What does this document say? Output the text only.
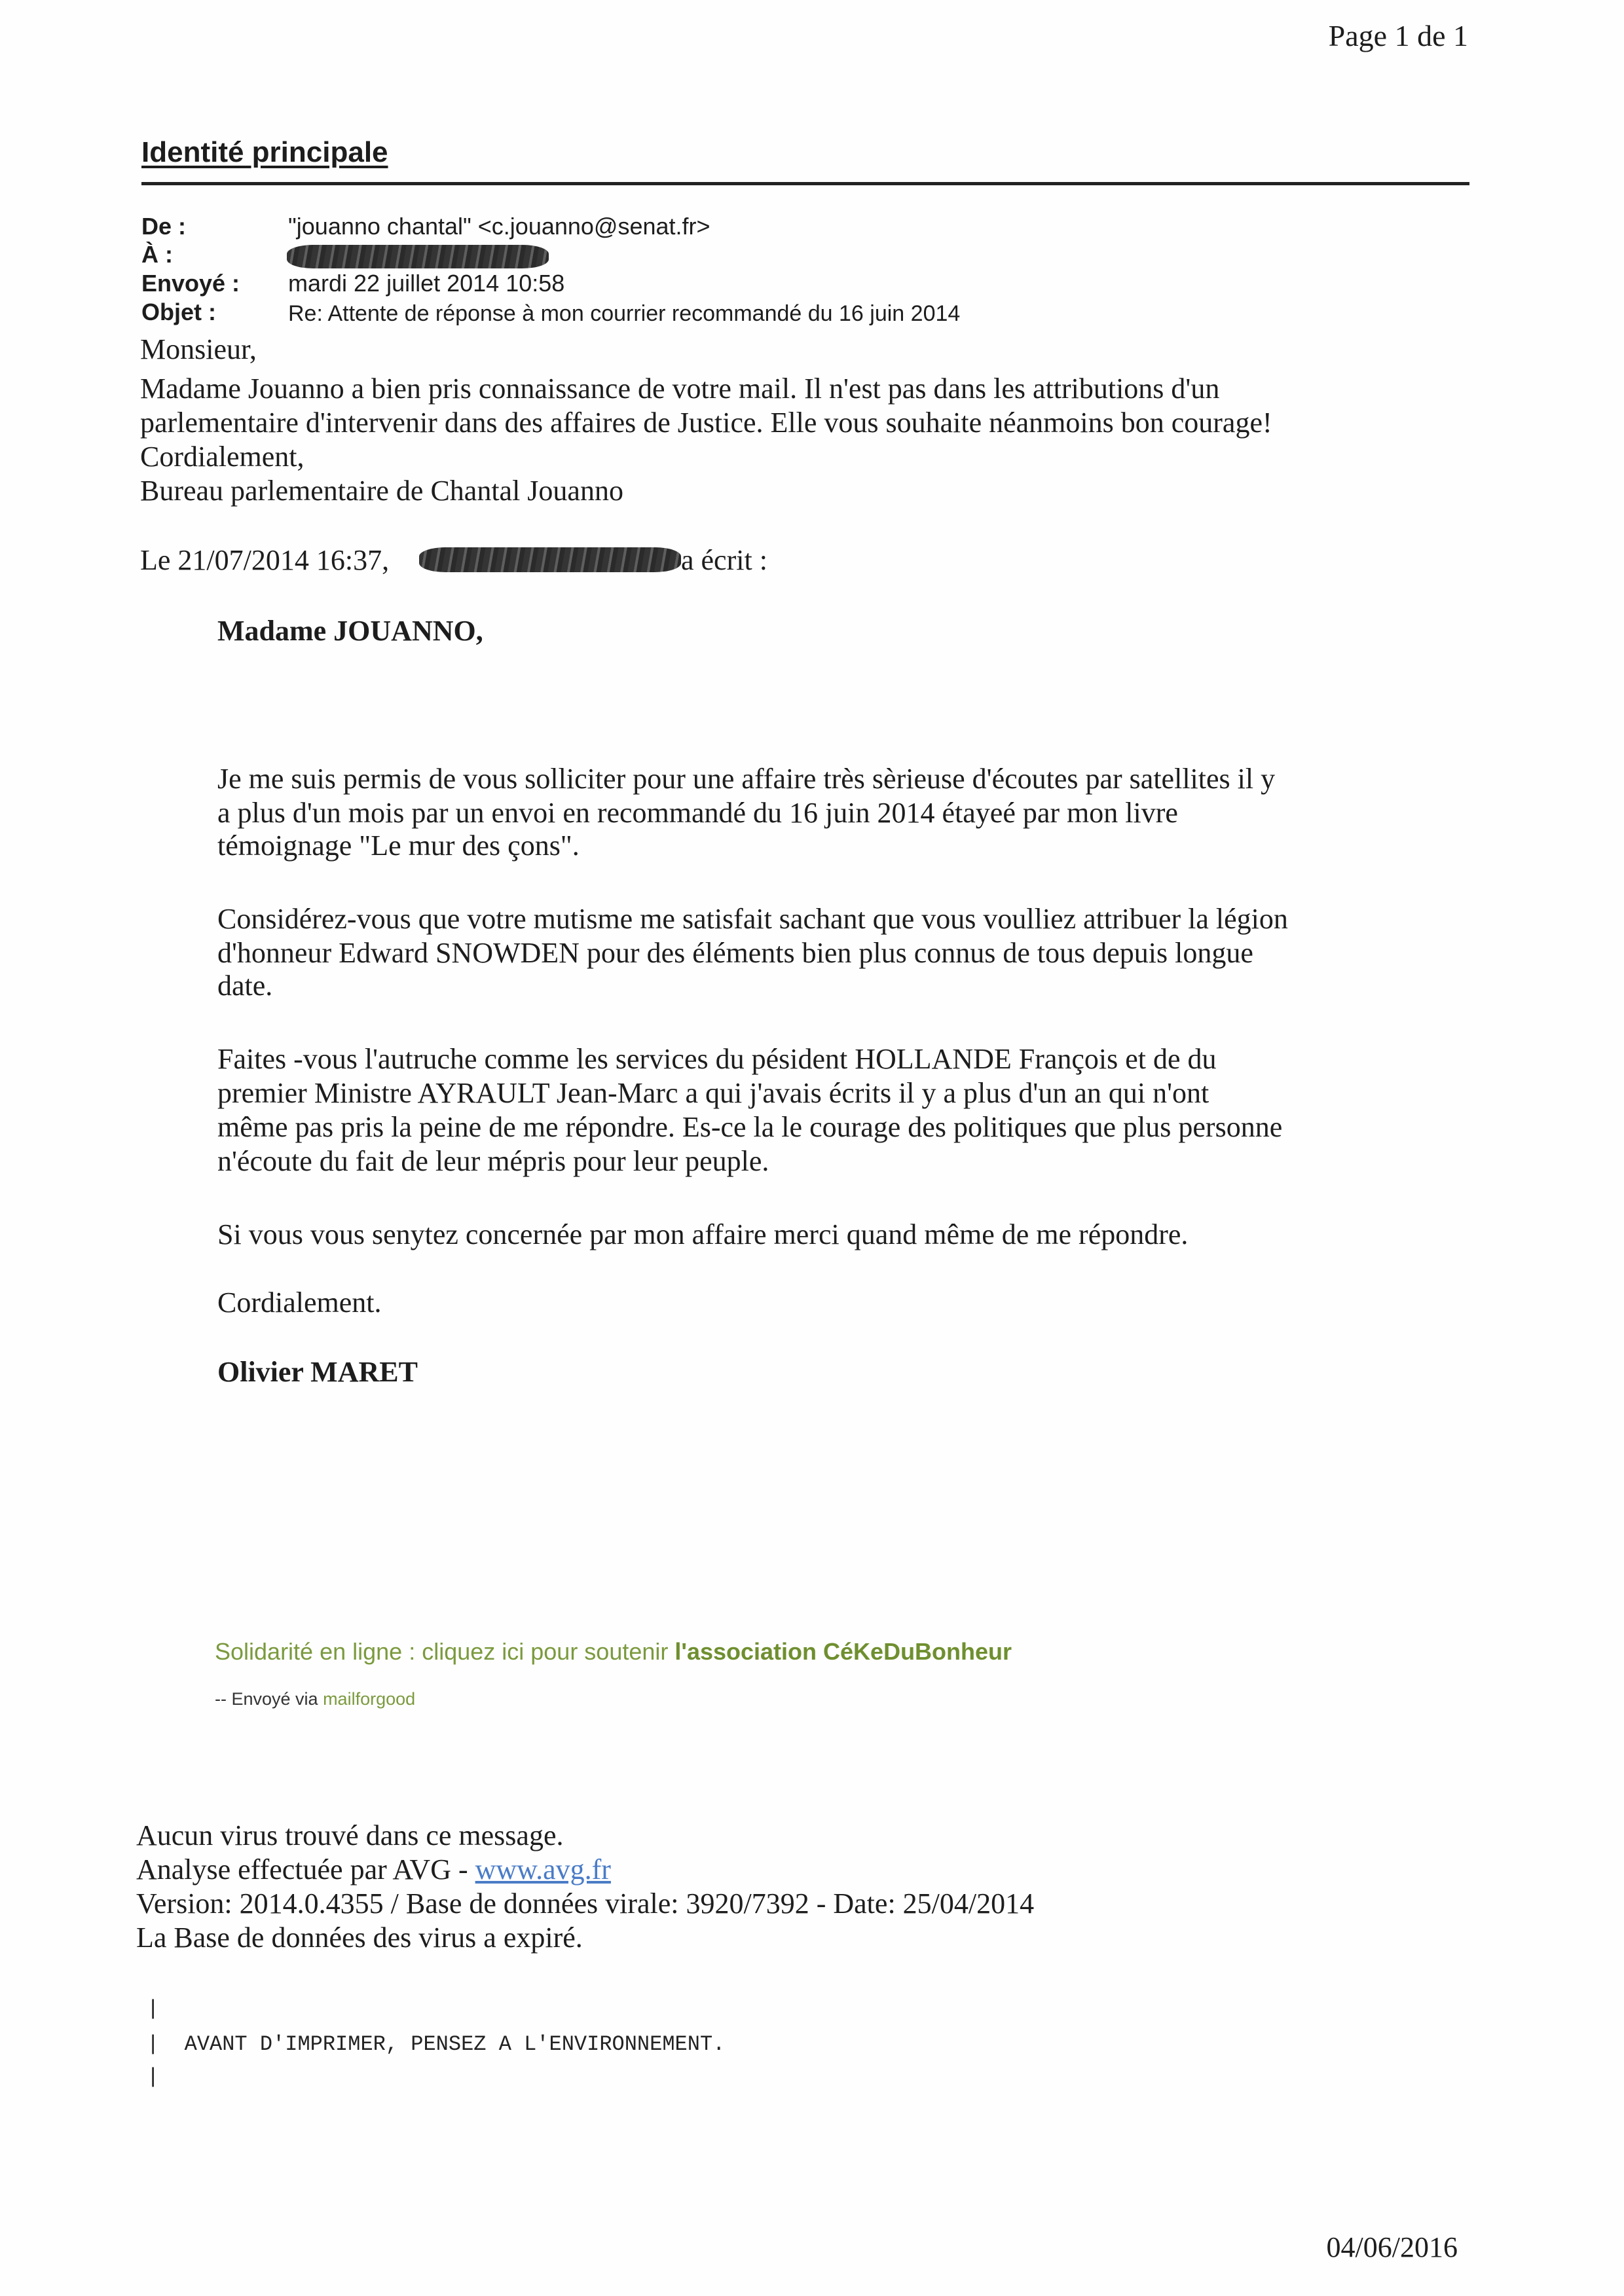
Page 1 de 1
Identité principale
De :	"jouanno chantal" <c.jouanno@senat.fr>
À :
Envoyé : mardi 22 juillet 2014 10:58
Objet :	Re: Attente de réponse à mon courrier recommandé du 16 juin 2014
Monsieur,
Madame Jouanno a bien pris connaissance de votre mail. Il n'est pas dans les attributions d'un
parlementaire d'intervenir dans des affaires de Justice. Elle vous souhaite néanmoins bon courage!
Cordialement,
Bureau parlementaire de Chantal Jouanno
Le 21/07/2014 16:37,	a écrit :
Madame JOUANNO,
Je me suis permis de vous solliciter pour une affaire très sèrieuse d'écoutes par satellites il y
a plus d'un mois par un envoi en recommandé du 16 juin 2014 étayeé par mon livre
témoignage "Le mur des çons".
Considérez-vous que votre mutisme me satisfait sachant que vous voulliez attribuer la légion
d'honneur Edward SNOWDEN pour des éléments bien plus connus de tous depuis longue
date.
Faites -vous l'autruche comme les services du pésident HOLLANDE François et de du
premier Ministre AYRAULT Jean-Marc a qui j'avais écrits il y a plus d'un an qui n'ont
même pas pris la peine de me répondre. Es-ce la le courage des politiques que plus personne
n'écoute du fait de leur mépris pour leur peuple.
Si vous vous senytez concernée par mon affaire merci quand même de me répondre.
Cordialement.
Olivier MARET
Solidarité en ligne : cliquez ici pour soutenir l'association CéKeDuBonheur
-- Envoyé via mailforgood
Aucun virus trouvé dans ce message.
Analyse effectuée par AVG - www.avg.fr
Version: 2014.0.4355 / Base de données virale: 3920/7392 - Date: 25/04/2014
La Base de données des virus a expiré.
|
|  AVANT D'IMPRIMER, PENSEZ A L'ENVIRONNEMENT.
|
04/06/2016
